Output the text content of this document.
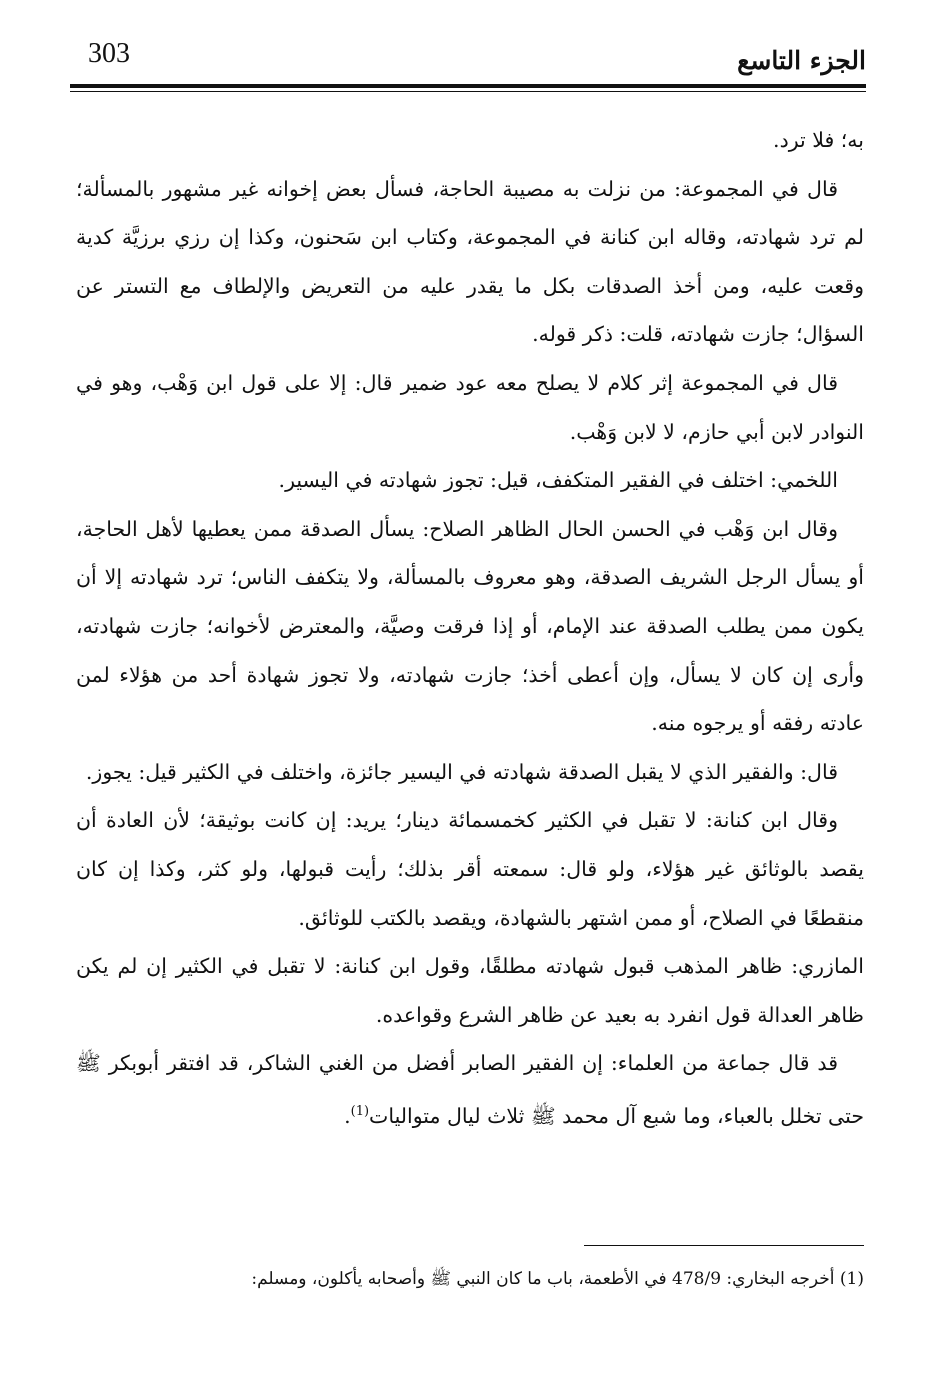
303	الجزء التاسع

به؛ فلا ترد.

قال في المجموعة: من نزلت به مصيبة الحاجة، فسأل بعض إخوانه غير مشهور بالمسألة؛ لم ترد شهادته، وقاله ابن كنانة في المجموعة، وكتاب ابن سَحنون، وكذا إن رزي برزيَّة كدية وقعت عليه، ومن أخذ الصدقات بكل ما يقدر عليه من التعريض والإلطاف مع التستر عن السؤال؛ جازت شهادته، قلت: ذكر قوله.

قال في المجموعة إثر كلام لا يصلح معه عود ضمير قال: إلا على قول ابن وَهْب، وهو في النوادر لابن أبي حازم، لا لابن وَهْب.

اللخمي: اختلف في الفقير المتكفف، قيل: تجوز شهادته في اليسير.

وقال ابن وَهْب في الحسن الحال الظاهر الصلاح: يسأل الصدقة ممن يعطيها لأهل الحاجة، أو يسأل الرجل الشريف الصدقة، وهو معروف بالمسألة، ولا يتكفف الناس؛ ترد شهادته إلا أن يكون ممن يطلب الصدقة عند الإمام، أو إذا فرقت وصيَّة، والمعترض لأخوانه؛ جازت شهادته، وأرى إن كان لا يسأل، وإن أعطى أخذ؛ جازت شهادته، ولا تجوز شهادة أحد من هؤلاء لمن عادته رفقه أو يرجوه منه.

قال: والفقير الذي لا يقبل الصدقة شهادته في اليسير جائزة، واختلف في الكثير قيل: يجوز.

وقال ابن كنانة: لا تقبل في الكثير كخمسمائة دينار؛ يريد: إن كانت بوثيقة؛ لأن العادة أن يقصد بالوثائق غير هؤلاء، ولو قال: سمعته أقر بذلك؛ رأيت قبولها، ولو كثر، وكذا إن كان منقطعًا في الصلاح، أو ممن اشتهر بالشهادة، ويقصد بالكتب للوثائق.

المازري: ظاهر المذهب قبول شهادته مطلقًا، وقول ابن كنانة: لا تقبل في الكثير إن لم يكن ظاهر العدالة قول انفرد به بعيد عن ظاهر الشرع وقواعده.

قد قال جماعة من العلماء: إن الفقير الصابر أفضل من الغني الشاكر، قد افتقر أبوبكر ﷺ حتى تخلل بالعباء، وما شبع آل محمد ﷺ ثلاث ليال متواليات$^{(1)}$.

(1) أخرجه البخاري: 478/9 في الأطعمة، باب ما كان النبي ﷺ وأصحابه يأكلون، ومسلم:
